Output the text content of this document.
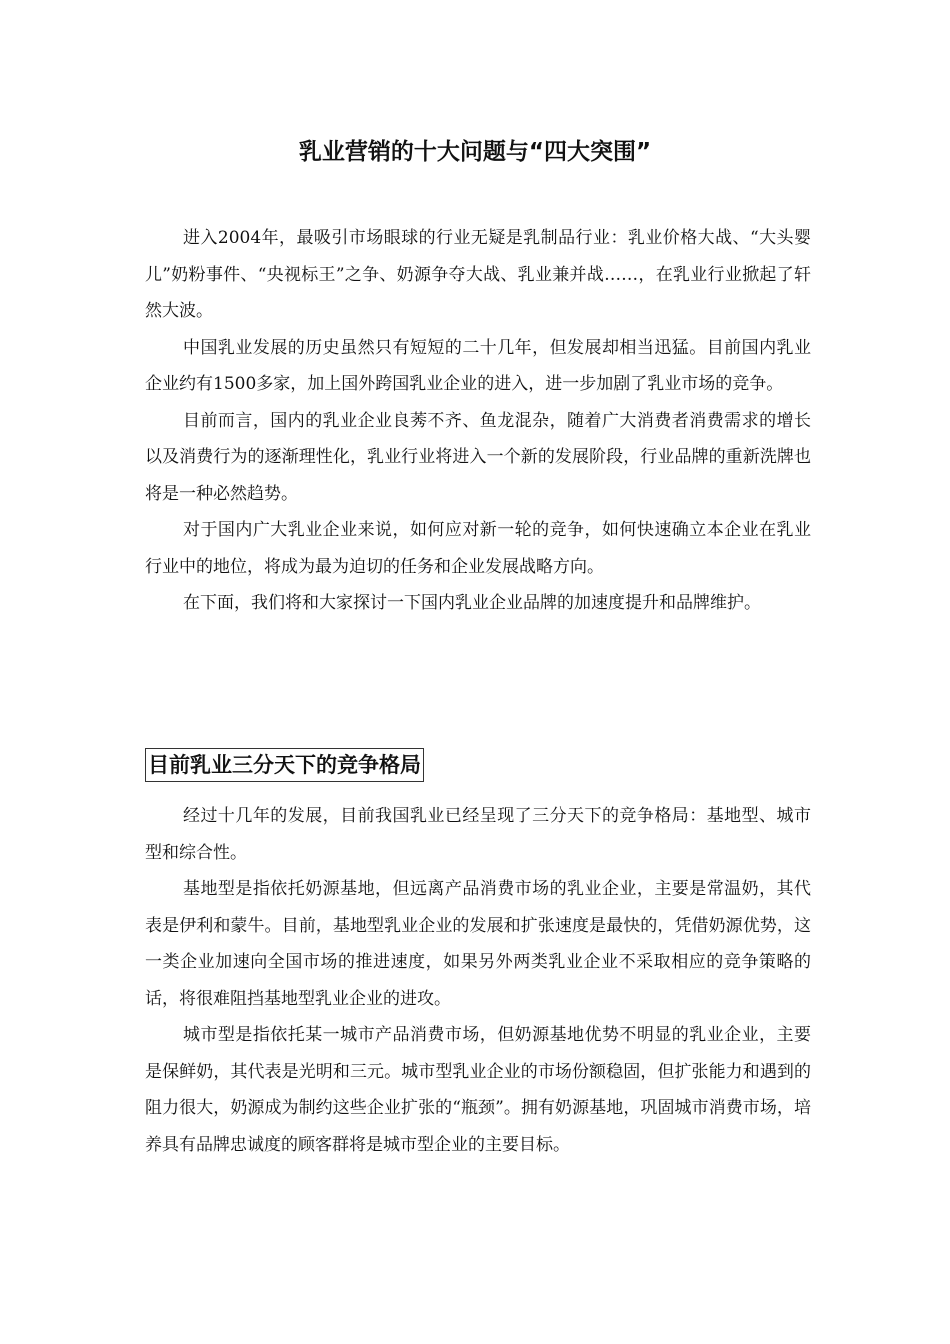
乳业营销的十大问题与“四大突围”

进入2004年，最吸引市场眼球的行业无疑是乳制品行业：乳业价格大战、“大头婴儿”奶粉事件、“央视标王”之争、奶源争夺大战、乳业兼并战……，在乳业行业掀起了轩然大波。

中国乳业发展的历史虽然只有短短的二十几年，但发展却相当迅猛。目前国内乳业企业约有1500多家，加上国外跨国乳业企业的进入，进一步加剧了乳业市场的竞争。

目前而言，国内的乳业企业良莠不齐、鱼龙混杂，随着广大消费者消费需求的增长以及消费行为的逐渐理性化，乳业行业将进入一个新的发展阶段，行业品牌的重新洗牌也将是一种必然趋势。

对于国内广大乳业企业来说，如何应对新一轮的竞争，如何快速确立本企业在乳业行业中的地位，将成为最为迫切的任务和企业发展战略方向。

在下面，我们将和大家探讨一下国内乳业企业品牌的加速度提升和品牌维护。

目前乳业三分天下的竞争格局

经过十几年的发展，目前我国乳业已经呈现了三分天下的竞争格局：基地型、城市型和综合性。

基地型是指依托奶源基地，但远离产品消费市场的乳业企业，主要是常温奶，其代表是伊利和蒙牛。目前，基地型乳业企业的发展和扩张速度是最快的，凭借奶源优势，这一类企业加速向全国市场的推进速度，如果另外两类乳业企业不采取相应的竞争策略的话，将很难阻挡基地型乳业企业的进攻。

城市型是指依托某一城市产品消费市场，但奶源基地优势不明显的乳业企业，主要是保鲜奶，其代表是光明和三元。城市型乳业企业的市场份额稳固，但扩张能力和遇到的阻力很大，奶源成为制约这些企业扩张的“瓶颈”。拥有奶源基地，巩固城市消费市场，培养具有品牌忠诚度的顾客群将是城市型企业的主要目标。
